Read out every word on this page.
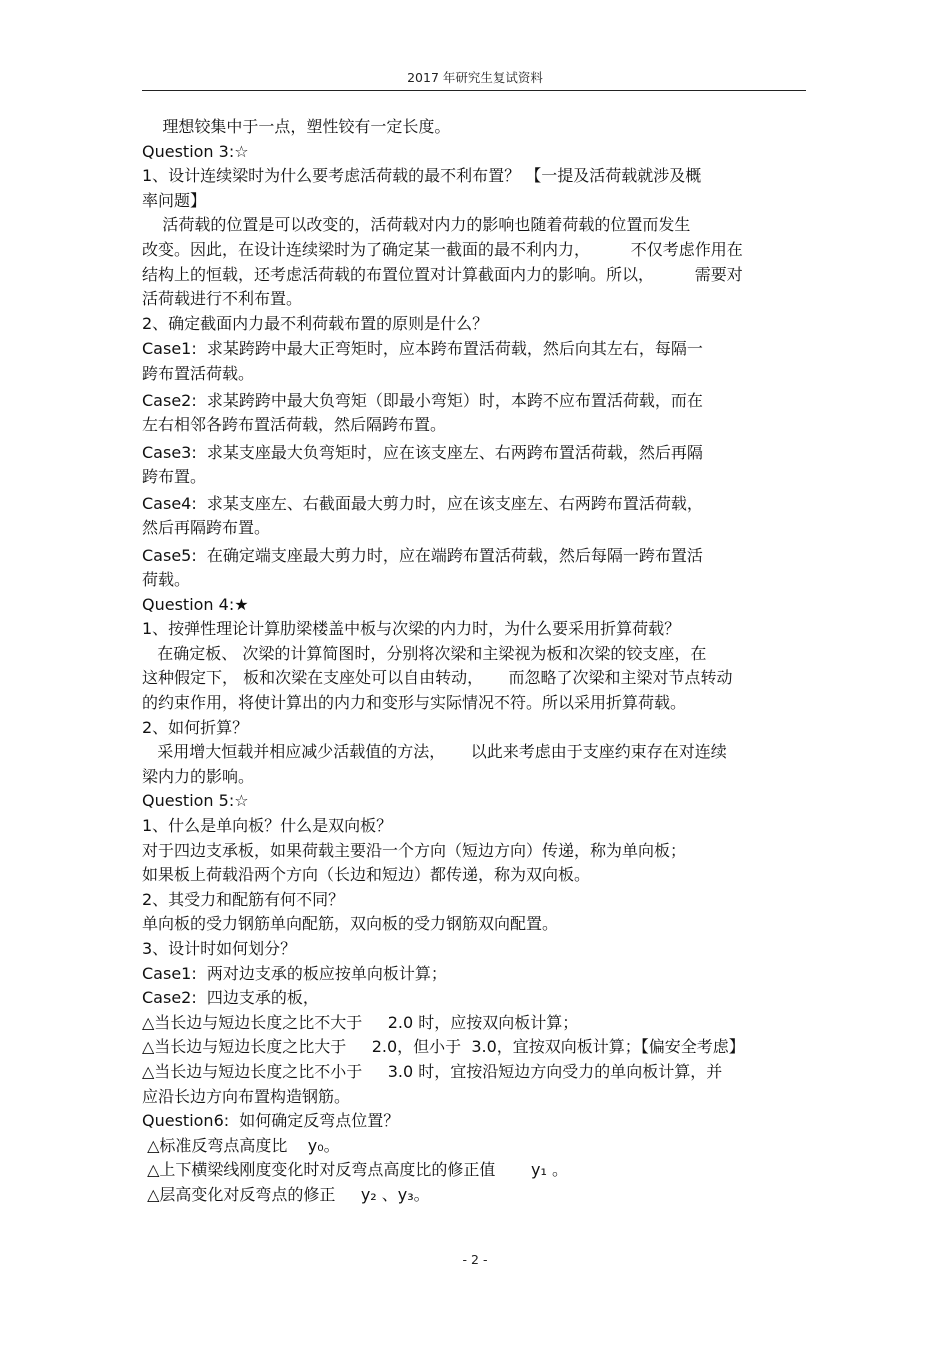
2017 年研究生复试资料
理想铰集中于一点，塑性铰有一定长度。
Question 3:☆
1、设计连续梁时为什么要考虑活荷载的最不利布置？ 【一提及活荷载就涉及概
率问题】
活荷载的位置是可以改变的，活荷载对内力的影响也随着荷载的位置而发生
改变。因此，在设计连续梁时为了确定某一截面的最不利内力，        不仅考虑作用在
结构上的恒载，还考虑活荷载的布置位置对计算截面内力的影响。所以，        需要对
活荷载进行不利布置。
2、确定截面内力最不利荷载布置的原则是什么？
Case1:  求某跨跨中最大正弯矩时，应本跨布置活荷载，然后向其左右，每隔一
跨布置活荷载。
Case2:  求某跨跨中最大负弯矩（即最小弯矩）时，本跨不应布置活荷载，而在
左右相邻各跨布置活荷载，然后隔跨布置。
Case3:  求某支座最大负弯矩时，应在该支座左、右两跨布置活荷载，然后再隔
跨布置。
Case4:  求某支座左、右截面最大剪力时，应在该支座左、右两跨布置活荷载，
然后再隔跨布置。
Case5:  在确定端支座最大剪力时，应在端跨布置活荷载，然后每隔一跨布置活
荷载。
Question 4:★
1、按弹性理论计算肋梁楼盖中板与次梁的内力时，为什么要采用折算荷载？
在确定板、 次梁的计算简图时，分别将次梁和主梁视为板和次梁的铰支座，在
这种假定下， 板和次梁在支座处可以自由转动，     而忽略了次梁和主梁对节点转动
的约束作用，将使计算出的内力和变形与实际情况不符。所以采用折算荷载。
2、如何折算？
采用增大恒载并相应减少活载值的方法，     以此来考虑由于支座约束存在对连续
梁内力的影响。
Question 5:☆
1、什么是单向板？什么是双向板？
对于四边支承板，如果荷载主要沿一个方向（短边方向）传递，称为单向板；
如果板上荷载沿两个方向（长边和短边）都传递，称为双向板。
2、其受力和配筋有何不同？
单向板的受力钢筋单向配筋，双向板的受力钢筋双向配置。
3、设计时如何划分？
Case1:  两对边支承的板应按单向板计算；
Case2:  四边支承的板，
△当长边与短边长度之比不大于     2.0 时，应按双向板计算；
△当长边与短边长度之比大于     2.0，但小于  3.0，宜按双向板计算；【偏安全考虑】
△当长边与短边长度之比不小于     3.0 时，宜按沿短边方向受力的单向板计算，并
应沿长边方向布置构造钢筋。
Question6:  如何确定反弯点位置？
△标准反弯点高度比    y₀。
△上下横梁线刚度变化时对反弯点高度比的修正值       y₁ 。
△层高变化对反弯点的修正     y₂ 、y₃。
- 2 -
